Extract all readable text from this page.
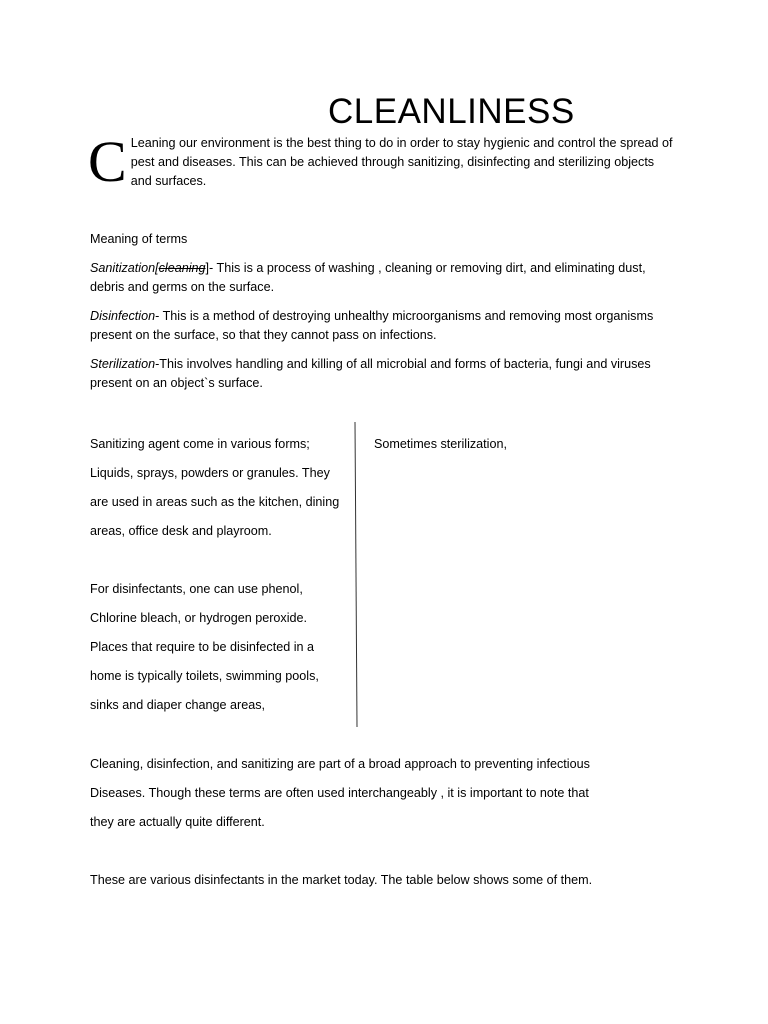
CLEANLINESS
C Leaning our environment is the best thing to do in order to stay hygienic and control the spread of pest and diseases. This can be achieved through sanitizing, disinfecting and sterilizing objects and surfaces.

Meaning of terms

Sanitization[cleaning]- This is a process of washing , cleaning or removing dirt, and eliminating dust, debris and germs on the surface.

Disinfection- This is a method of destroying unhealthy microorganisms and removing most organisms present on the surface, so that they cannot pass on infections.

Sterilization-This involves handling and killing of all microbial and forms of bacteria, fungi and viruses present on an object`s surface.

Sanitizing agent come in various forms;
Liquids, sprays, powders or granules. They
are used in areas such as the kitchen, dining
areas, office desk and playroom.
For disinfectants, one can use phenol,
Chlorine bleach, or hydrogen peroxide.
Places that require to be disinfected in a
home is typically toilets, swimming pools,
sinks and diaper change areas,
Sometimes sterilization,
Cleaning, disinfection, and sanitizing are part of a broad approach to preventing infectious
Diseases. Though these terms are often used interchangeably , it is important to note that
they are actually quite different.
These are various disinfectants in the market today. The table below shows some of them.
